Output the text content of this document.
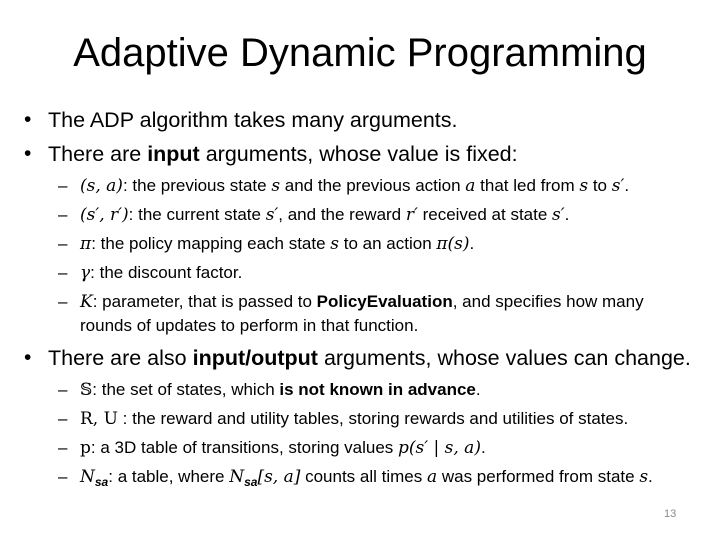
Adaptive Dynamic Programming
• The ADP algorithm takes many arguments.
• There are input arguments, whose value is fixed:
– (s, a): the previous state s and the previous action a that led from s to s′.
– (s′, r′): the current state s′, and the reward r′ received at state s′.
– π: the policy mapping each state s to an action π(s).
– γ: the discount factor.
– K: parameter, that is passed to PolicyEvaluation, and specifies how many
rounds of updates to perform in that function.
• There are also input/output arguments, whose values can change.
– 𝕊: the set of states, which is not known in advance.
– R, U : the reward and utility tables, storing rewards and utilities of states.
– p: a 3D table of transitions, storing values p(s′ | s, a).
– $N_{sa}$: a table, where $N_{sa}[s$, a] counts all times a was performed from state s.
13
